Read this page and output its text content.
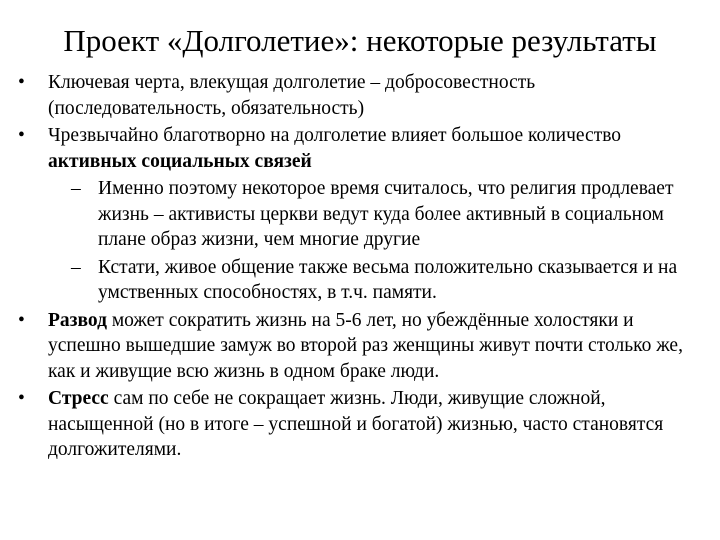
Проект «Долголетие»: некоторые результаты
• Ключевая черта, влекущая долголетие – добросовестность (последовательность, обязательность)
• Чрезвычайно благотворно на долголетие влияет большое количество активных социальных связей
– Именно поэтому некоторое время считалось, что религия продлевает жизнь – активисты церкви ведут куда более активный в социальном плане образ жизни, чем многие другие
– Кстати, живое общение также весьма положительно сказывается и на умственных способностях, в т.ч. памяти.
• Развод может сократить жизнь на 5-6 лет, но убеждённые холостяки и успешно вышедшие замуж во второй раз женщины живут почти столько же, как и живущие всю жизнь в одном браке люди.
• Стресс сам по себе не сокращает жизнь. Люди, живущие сложной, насыщенной (но в итоге – успешной и богатой) жизнью, часто становятся долгожителями.
